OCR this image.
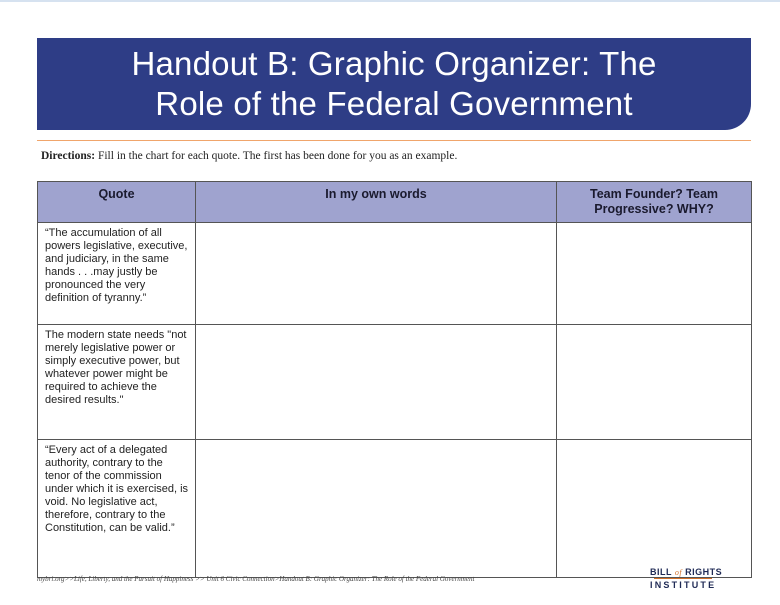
Handout B: Graphic Organizer: The Role of the Federal Government
Directions: Fill in the chart for each quote. The first has been done for you as an example.
Quote	In my own words	Team Founder? Team Progressive? WHY?

“The accumulation of all powers legislative, executive, and judiciary, in the same hands . . .may justly be pronounced the very definition of tyranny.”		
The modern state needs "not merely legislative power or simply executive power, but whatever power might be required to achieve the desired results."		
“Every act of a delegated authority, contrary to the tenor of the commission under which it is exercised, is void. No legislative act, therefore, contrary to the Constitution, can be valid.”		
mybri.org>>Life, Liberty, and the Pursuit of Happiness >> Unit 6 Civic Connection>Handout B: Graphic Organizer: The Role of the Federal Government
BILL of RIGHTS
INSTITUTE
